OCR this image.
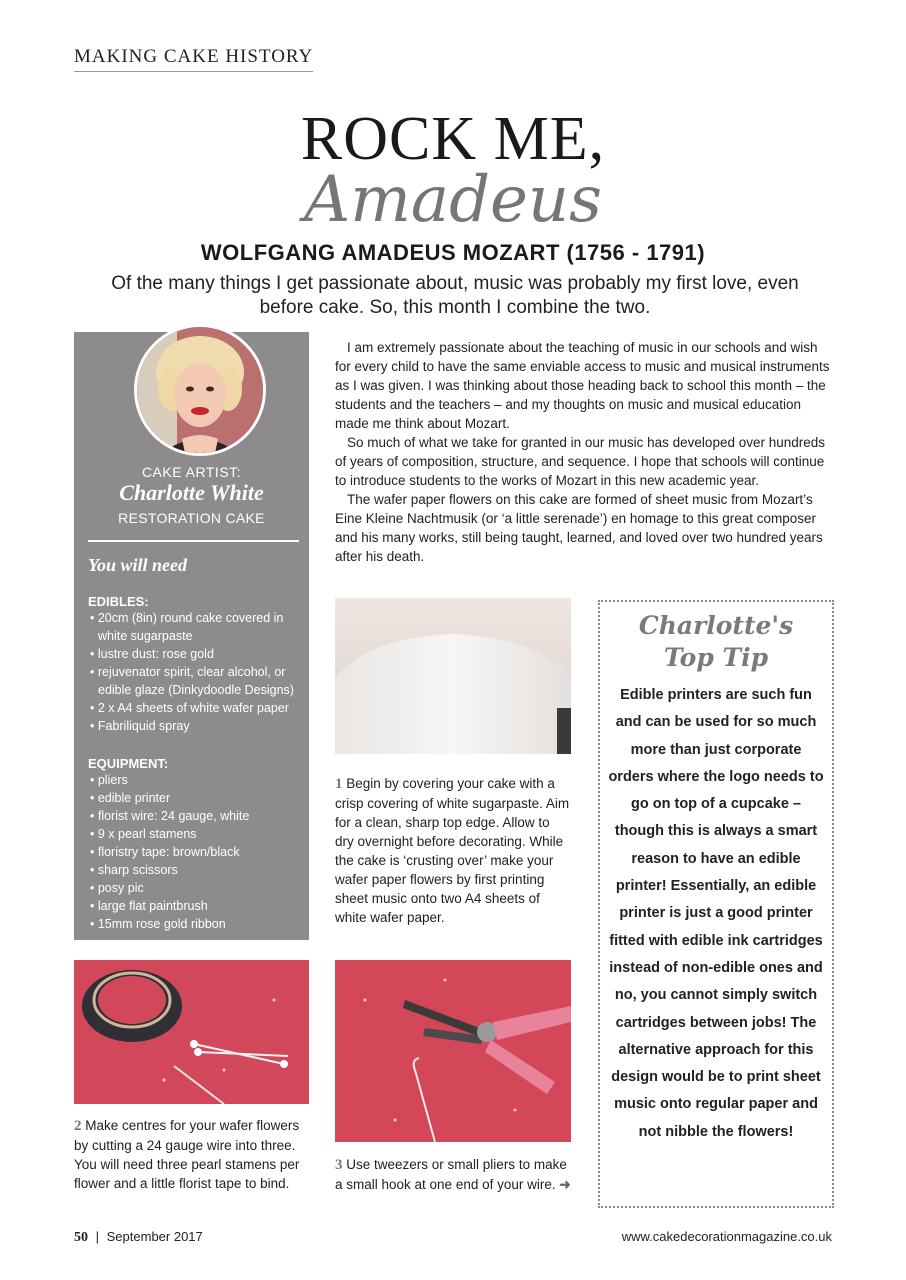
MAKING CAKE HISTORY
ROCK ME,
Amadeus
WOLFGANG AMADEUS MOZART (1756 - 1791)
Of the many things I get passionate about, music was probably my first love, even before cake. So, this month I combine the two.
CAKE ARTIST:
Charlotte White
RESTORATION CAKE
You will need
EDIBLES:
• 20cm (8in) round cake covered in white sugarpaste
• lustre dust: rose gold
• rejuvenator spirit, clear alcohol, or edible glaze (Dinkydoodle Designs)
• 2 x A4 sheets of white wafer paper
• Fabriliquid spray
EQUIPMENT:
• pliers
• edible printer
• florist wire: 24 gauge, white
• 9 x pearl stamens
• floristry tape: brown/black
• sharp scissors
• posy pic
• large flat paintbrush
• 15mm rose gold ribbon

I am extremely passionate about the teaching of music in our schools and wish for every child to have the same enviable access to music and musical instruments as I was given. I was thinking about those heading back to school this month – the students and the teachers – and my thoughts on music and musical education made me think about Mozart.

So much of what we take for granted in our music has developed over hundreds of years of composition, structure, and sequence. I hope that schools will continue to introduce students to the works of Mozart in this new academic year.

The wafer paper flowers on this cake are formed of sheet music from Mozart’s Eine Kleine Nachtmusik (or ‘a little serenade’) en homage to this great composer and his many works, still being taught, learned, and loved over two hundred years after his death.

1 Begin by covering your cake with a crisp covering of white sugarpaste. Aim for a clean, sharp top edge. Allow to dry overnight before decorating. While the cake is ‘crusting over’ make your wafer paper flowers by first printing sheet music onto two A4 sheets of white wafer paper.
2 Make centres for your wafer flowers by cutting a 24 gauge wire into three. You will need three pearl stamens per flower and a little florist tape to bind.
3 Use tweezers or small pliers to make a small hook at one end of your wire. ➜
Charlotte's
Top Tip
Edible printers are such fun and can be used for so much more than just corporate orders where the logo needs to go on top of a cupcake – though this is always a smart reason to have an edible printer! Essentially, an edible printer is just a good printer fitted with edible ink cartridges instead of non-edible ones and no, you cannot simply switch cartridges between jobs! The alternative approach for this design would be to print sheet music onto regular paper and not nibble the flowers!
50 | September 2017	www.cakedecorationmagazine.co.uk
